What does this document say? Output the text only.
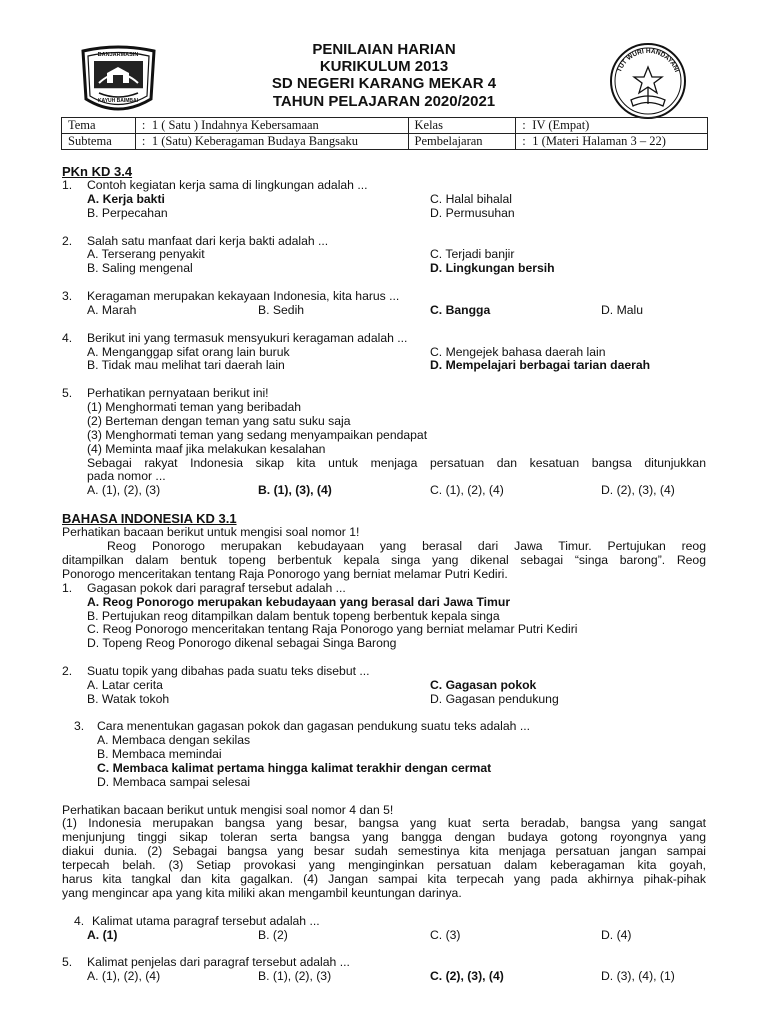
BANJARMASIN
KAYUH BAIMBAI
PENILAIAN HARIAN
KURIKULUM 2013
SD NEGERI KARANG MEKAR 4
TAHUN PELAJARAN 2020/2021
TUT WURI HANDAYANI
Tema	: 1 ( Satu ) Indahnya Kebersamaan	Kelas	: IV (Empat)
Subtema	: 1 (Satu) Keberagaman Budaya Bangsaku	Pembelajaran	: 1 (Materi Halaman 3 – 22)
PKn KD 3.4
1. Contoh kegiatan kerja sama di lingkungan adalah ...
A. Kerja bakti
B. Perpecahan
C. Halal bihalal
D. Permusuhan
2. Salah satu manfaat dari kerja bakti adalah ...
A. Terserang penyakit
B. Saling mengenal
C. Terjadi banjir
D. Lingkungan bersih
3. Keragaman merupakan kekayaan Indonesia, kita harus ...
A. Marah	B. Sedih	C. Bangga	D. Malu
4. Berikut ini yang termasuk mensyukuri keragaman adalah ...
A. Menganggap sifat orang lain buruk
B. Tidak mau melihat tari daerah lain
C. Mengejek bahasa daerah lain
D. Mempelajari berbagai tarian daerah
5. Perhatikan pernyataan berikut ini!
(1) Menghormati teman yang beribadah
(2) Berteman dengan teman yang satu suku saja
(3) Menghormati teman yang sedang menyampaikan pendapat
(4) Meminta maaf jika melakukan kesalahan
Sebagai rakyat Indonesia sikap kita untuk menjaga persatuan dan kesatuan bangsa ditunjukkan
pada nomor ...
A. (1), (2), (3)	B. (1), (3), (4)	C. (1), (2), (4)	D. (2), (3), (4)
BAHASA INDONESIA KD 3.1
Perhatikan bacaan berikut untuk mengisi soal nomor 1!
Reog Ponorogo merupakan kebudayaan yang berasal dari Jawa Timur. Pertujukan reog
ditampilkan dalam bentuk topeng berbentuk kepala singa yang dikenal sebagai “singa barong”. Reog
Ponorogo menceritakan tentang Raja Ponorogo yang berniat melamar Putri Kediri.
1. Gagasan pokok dari paragraf tersebut adalah ...
A. Reog Ponorogo merupakan kebudayaan yang berasal dari Jawa Timur
B. Pertujukan reog ditampilkan dalam bentuk topeng berbentuk kepala singa
C. Reog Ponorogo menceritakan tentang Raja Ponorogo yang berniat melamar Putri Kediri
D. Topeng Reog Ponorogo dikenal sebagai Singa Barong
2. Suatu topik yang dibahas pada suatu teks disebut ...
A. Latar cerita
B. Watak tokoh
C. Gagasan pokok
D. Gagasan pendukung
3. Cara menentukan gagasan pokok dan gagasan pendukung suatu teks adalah ...
A. Membaca dengan sekilas
B. Membaca memindai
C. Membaca kalimat pertama hingga kalimat terakhir dengan cermat
D. Membaca sampai selesai
Perhatikan bacaan berikut untuk mengisi soal nomor 4 dan 5!
(1) Indonesia merupakan bangsa yang besar, bangsa yang kuat serta beradab, bangsa yang sangat
menjunjung tinggi sikap toleran serta bangsa yang bangga dengan budaya gotong royongnya yang
diakui dunia. (2) Sebagai bangsa yang besar sudah semestinya kita menjaga persatuan jangan sampai
terpecah belah. (3) Setiap provokasi yang menginginkan persatuan dalam keberagaman kita goyah,
harus kita tangkal dan kita gagalkan. (4) Jangan sampai kita terpecah yang pada akhirnya pihak-pihak
yang mengincar apa yang kita miliki akan mengambil keuntungan darinya.
4. Kalimat utama paragraf tersebut adalah ...
A. (1)	B. (2)	C. (3)	D. (4)
5. Kalimat penjelas dari paragraf tersebut adalah ...
A. (1), (2), (4)	B. (1), (2), (3)	C. (2), (3), (4)	D. (3), (4), (1)
